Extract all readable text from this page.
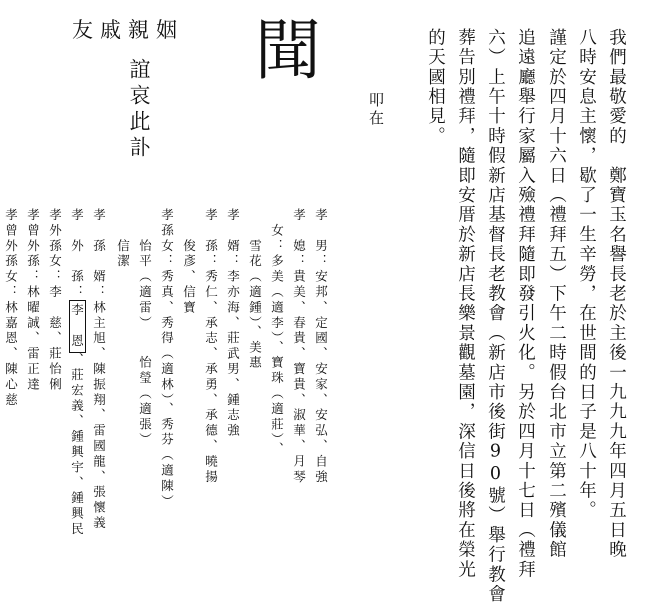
我們最敬愛的　鄭寶玉名譽長老於主後一九九九年四月五日晚
八時安息主懷，歇了一生辛勞，在世間的日子是八十年。
謹定於四月十六日（禮拜五）下午二時假台北市立第二殯儀館
追遠廳舉行家屬入殮禮拜隨即發引火化。另於四月十七日（禮拜
六）上午十時假新店基督長老教會（新店市後街90號）舉行教會
葬告別禮拜，隨即安厝於新店長樂景觀墓園，深信日後將在榮光
的天國相見。
叩在
聞
友戚親姻
誼哀此訃
孝　男：安邦、定國、安家、安弘、自強
孝　媳：貴美、春貴、寶貴、淑華、月琴
　女：多美（適李）、寶珠（適莊）、
　　雪花（適鍾）、美惠
孝　婿：李亦海、莊武男、鍾志強
孝　孫：秀仁、承志、承勇、承德、曉揚
　　俊彥、信寶
孝孫女：秀真、秀得（適林）、秀芬（適陳）
　　怡平（適雷）　　怡瑩（適張）
　　信潔
孝　孫　婿：林主旭、陳振翔、雷國龍、張懷義
孝　外　孫：李　恩、莊宏義、鍾興宇、鍾興民
孝外孫女：李　慈、莊怡俐
孝曾外孫：林曜誠、雷正達
孝曾外孫女：林嘉恩、陳心慈
